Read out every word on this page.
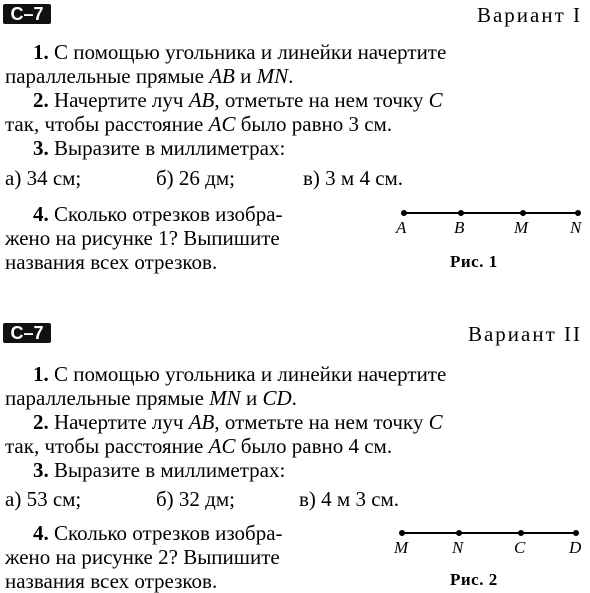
С–7	Вариант I
1. С помощью угольника и линейки начертите
параллельные прямые AB и MN.
2. Начертите луч AB, отметьте на нем точку C
так, чтобы расстояние AC было равно 3 см.
3. Выразите в миллиметрах:
а) 34 см;	б) 26 дм;	в) 3 м 4 см.
4. Сколько отрезков изобра-
жено на рисунке 1? Выпишите
названия всех отрезков.
A	B	M N
Рис. 1
С–7	Вариант II
1. С помощью угольника и линейки начертите
параллельные прямые MN и CD.
2. Начертите луч AB, отметьте на нем точку C
так, чтобы расстояние AC было равно 4 см.
3. Выразите в миллиметрах:
а) 53 см;	б) 32 дм;	в) 4 м 3 см.
4. Сколько отрезков изобра-
жено на рисунке 2? Выпишите
названия всех отрезков.
M	N	C	D
Рис. 2
